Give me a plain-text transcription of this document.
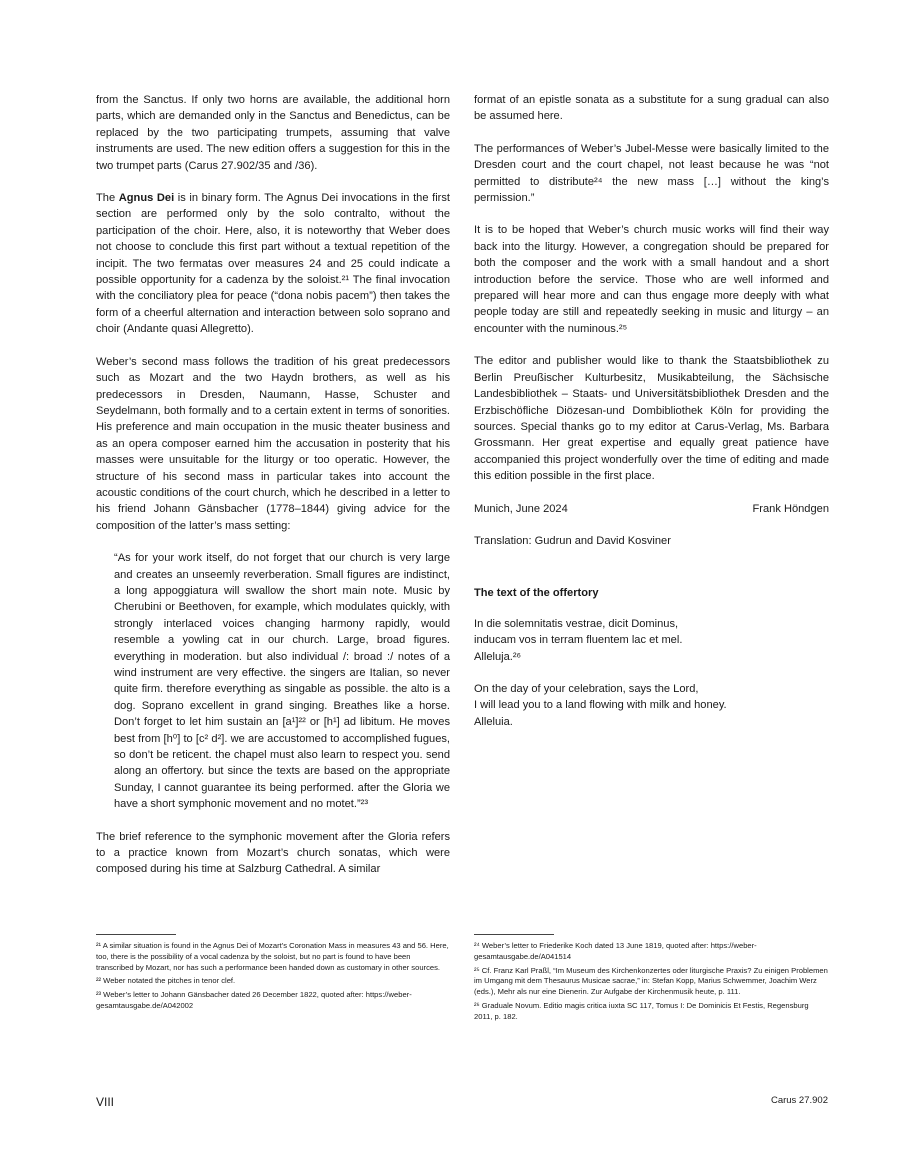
from the Sanctus. If only two horns are available, the additional horn parts, which are demanded only in the Sanctus and Benedictus, can be replaced by the two participating trumpets, assuming that valve instruments are used. The new edition offers a suggestion for this in the two trumpet parts (Carus 27.902/35 and /36).

The Agnus Dei is in binary form. The Agnus Dei invocations in the first section are performed only by the solo contralto, without the participation of the choir. Here, also, it is noteworthy that Weber does not choose to conclude this first part without a textual repetition of the incipit. The two fermatas over measures 24 and 25 could indicate a possible opportunity for a cadenza by the soloist.²¹ The final invocation with the conciliatory plea for peace (“dona nobis pacem”) then takes the form of a cheerful alternation and interaction between solo soprano and choir (Andante quasi Allegretto).

Weber’s second mass follows the tradition of his great predecessors such as Mozart and the two Haydn brothers, as well as his predecessors in Dresden, Naumann, Hasse, Schuster and Seydelmann, both formally and to a certain extent in terms of sonorities. His preference and main occupation in the music theater business and as an opera composer earned him the accusation in posterity that his masses were unsuitable for the liturgy or too operatic. However, the structure of his second mass in particular takes into account the acoustic conditions of the court church, which he described in a letter to his friend Johann Gänsbacher (1778–1844) giving advice for the composition of the latter’s mass setting:

“As for your work itself, do not forget that our church is very large and creates an unseemly reverberation. Small figures are indistinct, a long appoggiatura will swallow the short main note. Music by Cherubini or Beethoven, for example, which modulates quickly, with strongly interlaced voices changing harmony rapidly, would resemble a yowling cat in our church. Large, broad figures. everything in moderation. but also individual /: broad :/ notes of a wind instrument are very effective. the singers are Italian, so never quite firm. therefore everything as singable as possible. the alto is a dog. Soprano excellent in grand singing. Breathes like a horse. Don’t forget to let him sustain an [a¹]²² or [h¹] ad libitum. He moves best from [h⁰] to [c² d²]. we are accustomed to accomplished fugues, so don’t be reticent. the chapel must also learn to respect you. send along an offertory. but since the texts are based on the appropriate Sunday, I cannot guarantee its being performed. after the Gloria we have a short symphonic movement and no motet.”²³

The brief reference to the symphonic movement after the Gloria refers to a practice known from Mozart’s church sonatas, which were composed during his time at Salzburg Cathedral. A similar

format of an epistle sonata as a substitute for a sung gradual can also be assumed here.

The performances of Weber’s Jubel-Messe were basically limited to the Dresden court and the court chapel, not least because he was “not permitted to distribute²⁴ the new mass […] without the king’s permission.”

It is to be hoped that Weber’s church music works will find their way back into the liturgy. However, a congregation should be prepared for both the composer and the work with a small handout and a short introduction before the service. Those who are well informed and prepared will hear more and can thus engage more deeply with what people today are still and repeatedly seeking in music and liturgy – an encounter with the numinous.²⁵

The editor and publisher would like to thank the Staatsbibliothek zu Berlin Preußischer Kulturbesitz, Musikabteilung, the Sächsische Landesbibliothek – Staats- und Universitätsbibliothek Dresden and the Erzbischöfliche Diözesan-und Dombibliothek Köln for providing the sources. Special thanks go to my editor at Carus-Verlag, Ms. Barbara Grossmann. Her great expertise and equally great patience have accompanied this project wonderfully over the time of editing and made this edition possible in the first place.

Munich, June 2024	Frank Höndgen

Translation: Gudrun and David Kosviner

The text of the offertory

In die solemnitatis vestrae, dicit Dominus,
inducam vos in terram fluentem lac et mel.
Alleluja.²⁶

On the day of your celebration, says the Lord,
I will lead you to a land flowing with milk and honey.
Alleluia.

²¹ A similar situation is found in the Agnus Dei of Mozart’s Coronation Mass in measures 43 and 56. Here, too, there is the possibility of a vocal cadenza by the soloist, but no part is found to have been transcribed by Mozart, nor has such a performance been handed down as customary in other sources.

²² Weber notated the pitches in tenor clef.

²³ Weber’s letter to Johann Gänsbacher dated 26 December 1822, quoted after: https://weber-gesamtausgabe.de/A042002

²⁴ Weber’s letter to Friederike Koch dated 13 June 1819, quoted after: https://weber-gesamtausgabe.de/A041514

²⁵ Cf. Franz Karl Praßl, “Im Museum des Kirchenkonzertes oder liturgische Praxis? Zu einigen Problemen im Umgang mit dem Thesaurus Musicae sacrae,” in: Stefan Kopp, Marius Schwemmer, Joachim Werz (eds.), Mehr als nur eine Dienerin. Zur Aufgabe der Kirchenmusik heute, p. 111.

²⁶ Graduale Novum. Editio magis critica iuxta SC 117, Tomus I: De Dominicis Et Festis, Regensburg 2011, p. 182.

VIII	Carus 27.902
